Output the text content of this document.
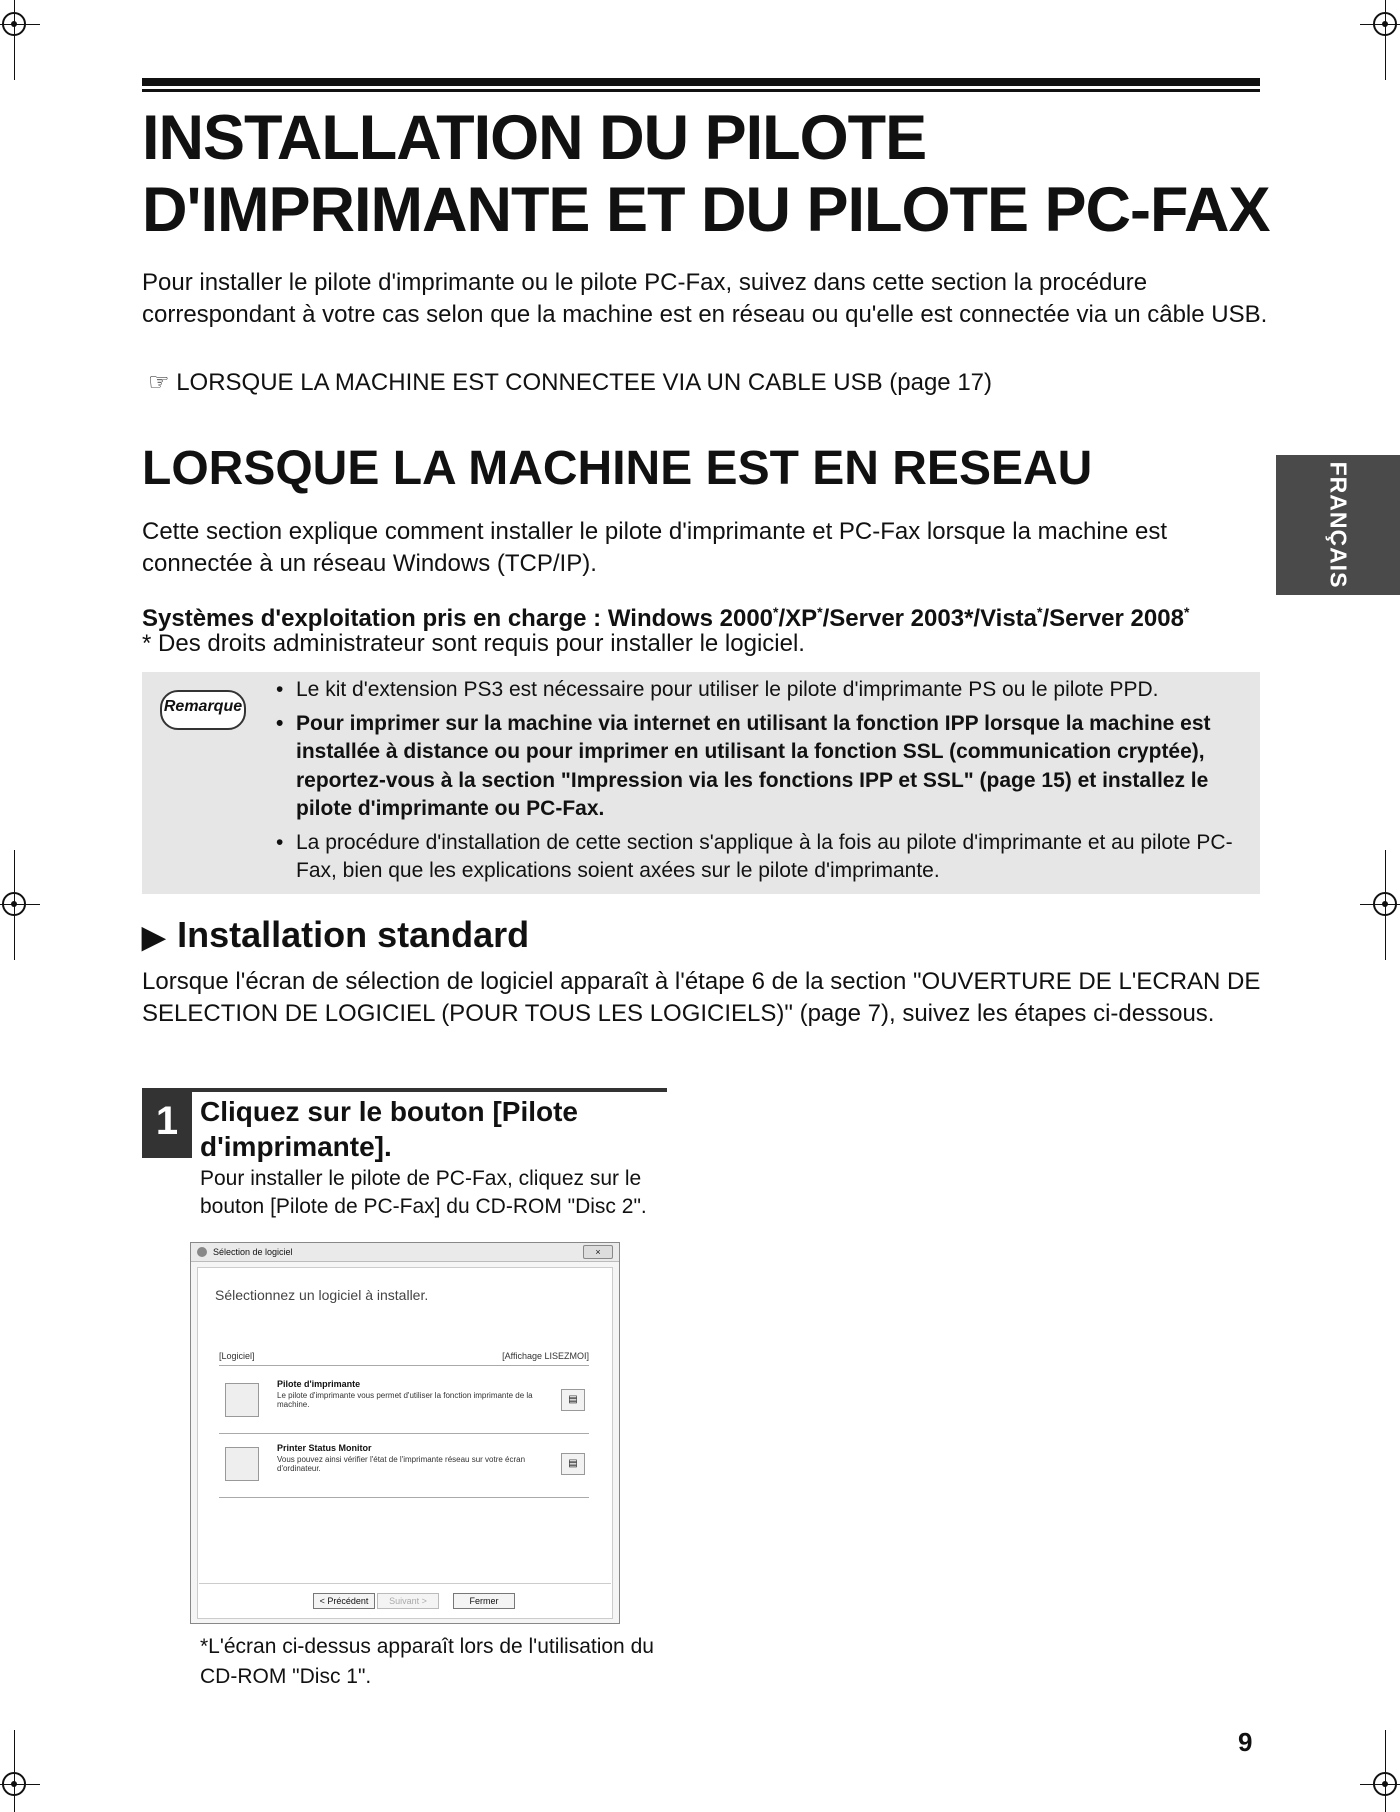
INSTALLATION DU PILOTE
D'IMPRIMANTE ET DU PILOTE PC-FAX
Pour installer le pilote d'imprimante ou le pilote PC-Fax, suivez dans cette section la procédure correspondant à votre cas selon que la machine est en réseau ou qu'elle est connectée via un câble USB.
☞ LORSQUE LA MACHINE EST CONNECTEE VIA UN CABLE USB (page 17)
LORSQUE LA MACHINE EST EN RESEAU
Cette section explique comment installer le pilote d'imprimante et PC-Fax lorsque la machine est connectée à un réseau Windows (TCP/IP).
Systèmes d'exploitation pris en charge : Windows 2000*/XP*/Server 2003*/Vista*/Server 2008*
* Des droits administrateur sont requis pour installer le logiciel.
FRANÇAIS
Remarque
• Le kit d'extension PS3 est nécessaire pour utiliser le pilote d'imprimante PS ou le pilote PPD.
• Pour imprimer sur la machine via internet en utilisant la fonction IPP lorsque la machine est installée à distance ou pour imprimer en utilisant la fonction SSL (communication cryptée), reportez-vous à la section "Impression via les fonctions IPP et SSL" (page 15) et installez le pilote d'imprimante ou PC-Fax.
• La procédure d'installation de cette section s'applique à la fois au pilote d'imprimante et au pilote PC-Fax, bien que les explications soient axées sur le pilote d'imprimante.
▶ Installation standard
Lorsque l'écran de sélection de logiciel apparaît à l'étape 6 de la section "OUVERTURE DE L'ECRAN DE SELECTION DE LOGICIEL (POUR TOUS LES LOGICIELS)" (page 7), suivez les étapes ci-dessous.
1 Cliquez sur le bouton [Pilote d'imprimante].
Pour installer le pilote de PC-Fax, cliquez sur le bouton [Pilote de PC-Fax] du CD-ROM "Disc 2".
Sélection de logiciel	×
Sélectionnez un logiciel à installer.
[Logiciel]	[Affichage LISEZMOI]
Pilote d'imprimante
Le pilote d'imprimante vous permet d'utiliser la fonction imprimante de la machine.	▤
Printer Status Monitor
Vous pouvez ainsi vérifier l'état de l'imprimante réseau sur votre écran d'ordinateur.	▤
< Précédent	Suivant >	Fermer
*L'écran ci-dessus apparaît lors de l'utilisation du CD-ROM "Disc 1".
9
